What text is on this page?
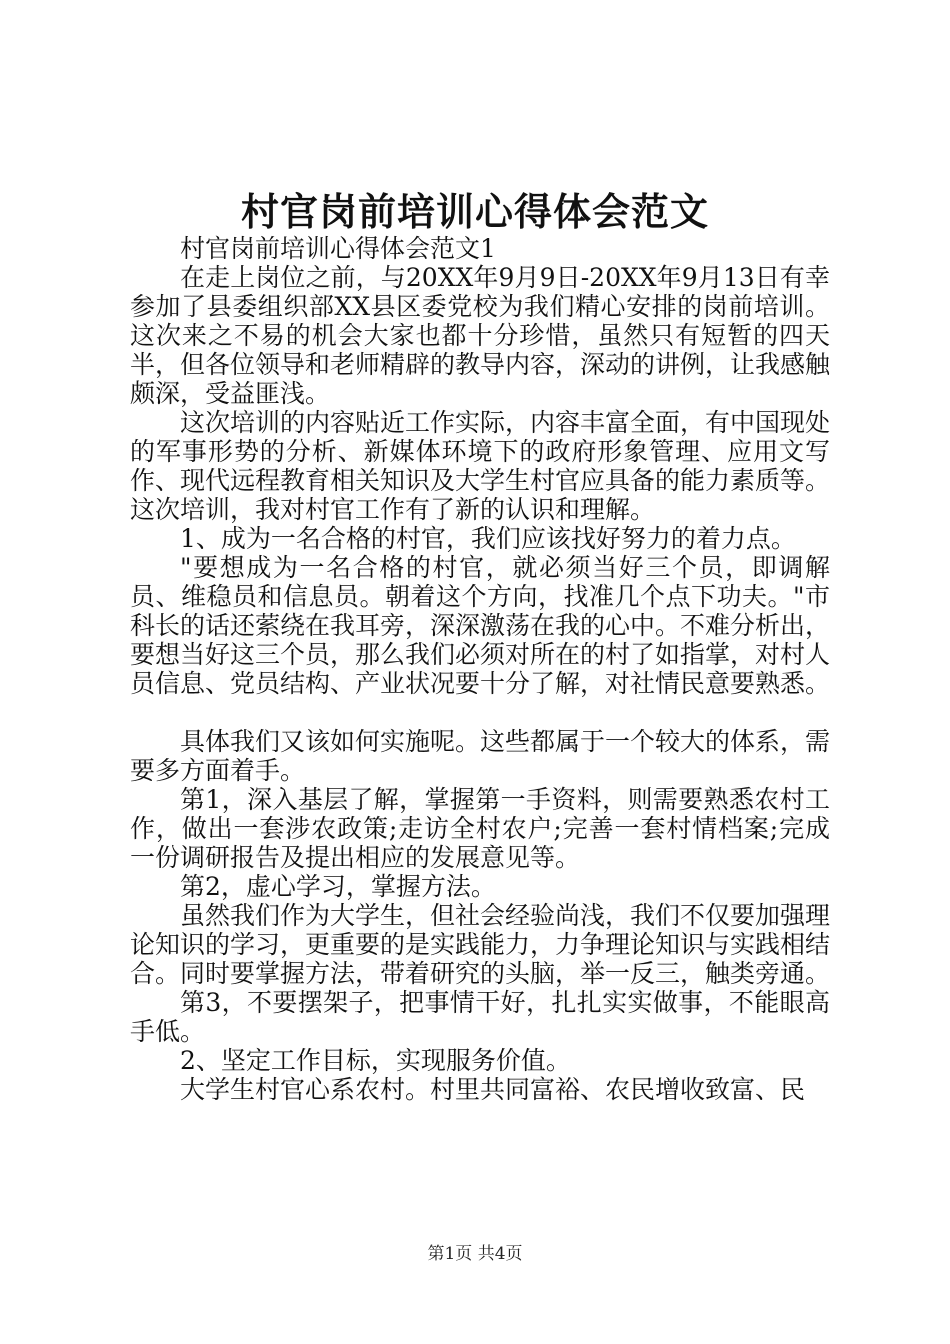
村官岗前培训心得体会范文

村官岗前培训心得体会范文1

在走上岗位之前，与20XX年9月9日-20XX年9月13日有幸参加了县委组织部XX县区委党校为我们精心安排的岗前培训。这次来之不易的机会大家也都十分珍惜，虽然只有短暂的四天半，但各位领导和老师精辟的教导内容，深动的讲例，让我感触颇深，受益匪浅。

这次培训的内容贴近工作实际，内容丰富全面，有中国现处的军事形势的分析、新媒体环境下的政府形象管理、应用文写作、现代远程教育相关知识及大学生村官应具备的能力素质等。这次培训，我对村官工作有了新的认识和理解。

1、成为一名合格的村官，我们应该找好努力的着力点。

"要想成为一名合格的村官，就必须当好三个员，即调解员、维稳员和信息员。朝着这个方向，找准几个点下功夫。"市科长的话还萦绕在我耳旁，深深激荡在我的心中。不难分析出，要想当好这三个员，那么我们必须对所在的村了如指掌，对村人员信息、党员结构、产业状况要十分了解，对社情民意要熟悉。

具体我们又该如何实施呢。这些都属于一个较大的体系，需要多方面着手。

第1，深入基层了解，掌握第一手资料，则需要熟悉农村工作，做出一套涉农政策;走访全村农户;完善一套村情档案;完成一份调研报告及提出相应的发展意见等。

第2，虚心学习，掌握方法。

虽然我们作为大学生，但社会经验尚浅，我们不仅要加强理论知识的学习，更重要的是实践能力，力争理论知识与实践相结合。同时要掌握方法，带着研究的头脑，举一反三，触类旁通。

第3，不要摆架子，把事情干好，扎扎实实做事，不能眼高手低。

2、坚定工作目标，实现服务价值。

大学生村官心系农村。村里共同富裕、农民增收致富、民

第1页 共4页
